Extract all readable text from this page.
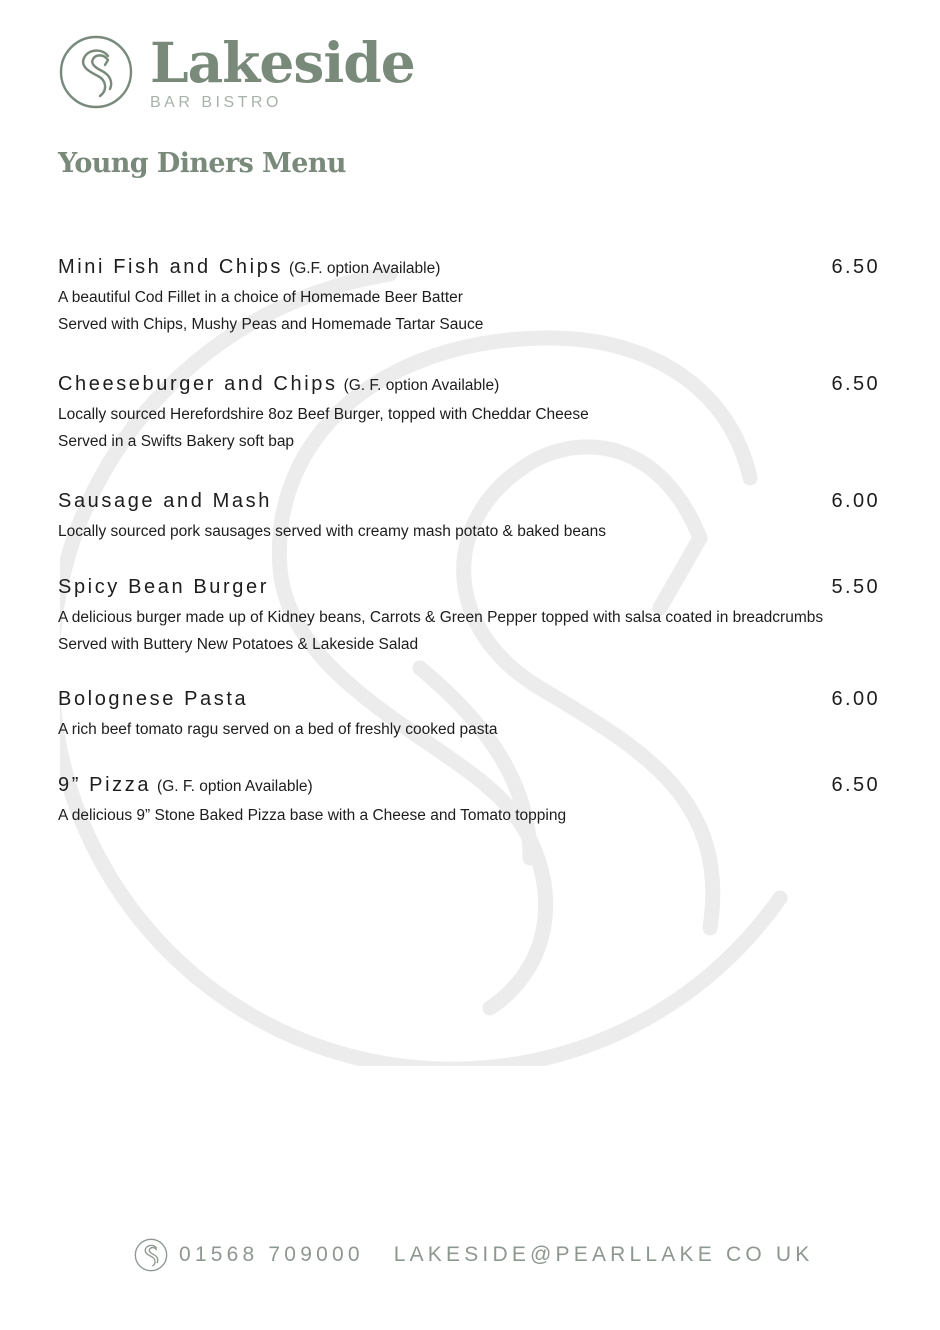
Lakeside
BAR BISTRO
Young Diners Menu
Mini Fish and Chips (G.F. option Available)	6.50
A beautiful Cod Fillet in a choice of Homemade Beer Batter
Served with Chips, Mushy Peas and Homemade Tartar Sauce
Cheeseburger and Chips (G. F. option Available)	6.50
Locally sourced Herefordshire 8oz Beef Burger, topped with Cheddar Cheese
Served in a Swifts Bakery soft bap
Sausage and Mash	6.00
Locally sourced pork sausages served with creamy mash potato & baked beans
Spicy Bean Burger	5.50
A delicious burger made up of Kidney beans, Carrots & Green Pepper topped with salsa coated in breadcrumbs
Served with Buttery New Potatoes & Lakeside Salad
Bolognese Pasta	6.00
A rich beef tomato ragu served on a bed of freshly cooked pasta
9” Pizza (G. F. option Available)	6.50
A delicious 9” Stone Baked Pizza base with a Cheese and Tomato topping
01568 709000 LAKESIDE@PEARLLAKE CO UK
